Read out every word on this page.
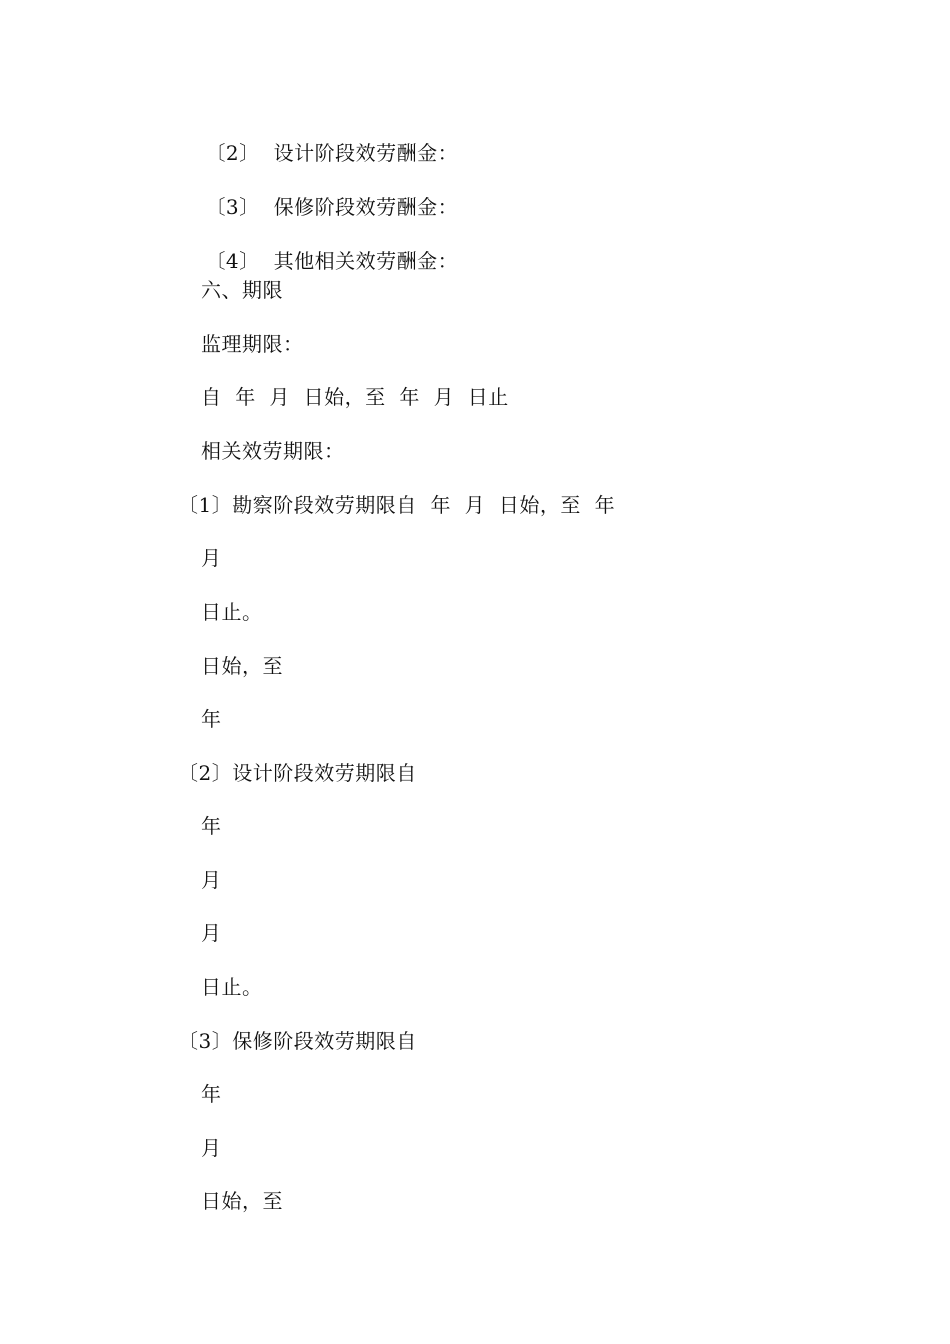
〔2〕 设计阶段效劳酬金：

〔3〕 保修阶段效劳酬金：

〔4〕 其他相关效劳酬金：

六、期限
监理期限：
自  年  月  日始，至  年  月  日止
相关效劳期限：
〔1〕勘察阶段效劳期限自  年  月  日始，至  年
月
日止。
日始，至
年
〔2〕设计阶段效劳期限自
年
月
月
日止。
〔3〕保修阶段效劳期限自
年
月
日始，至
